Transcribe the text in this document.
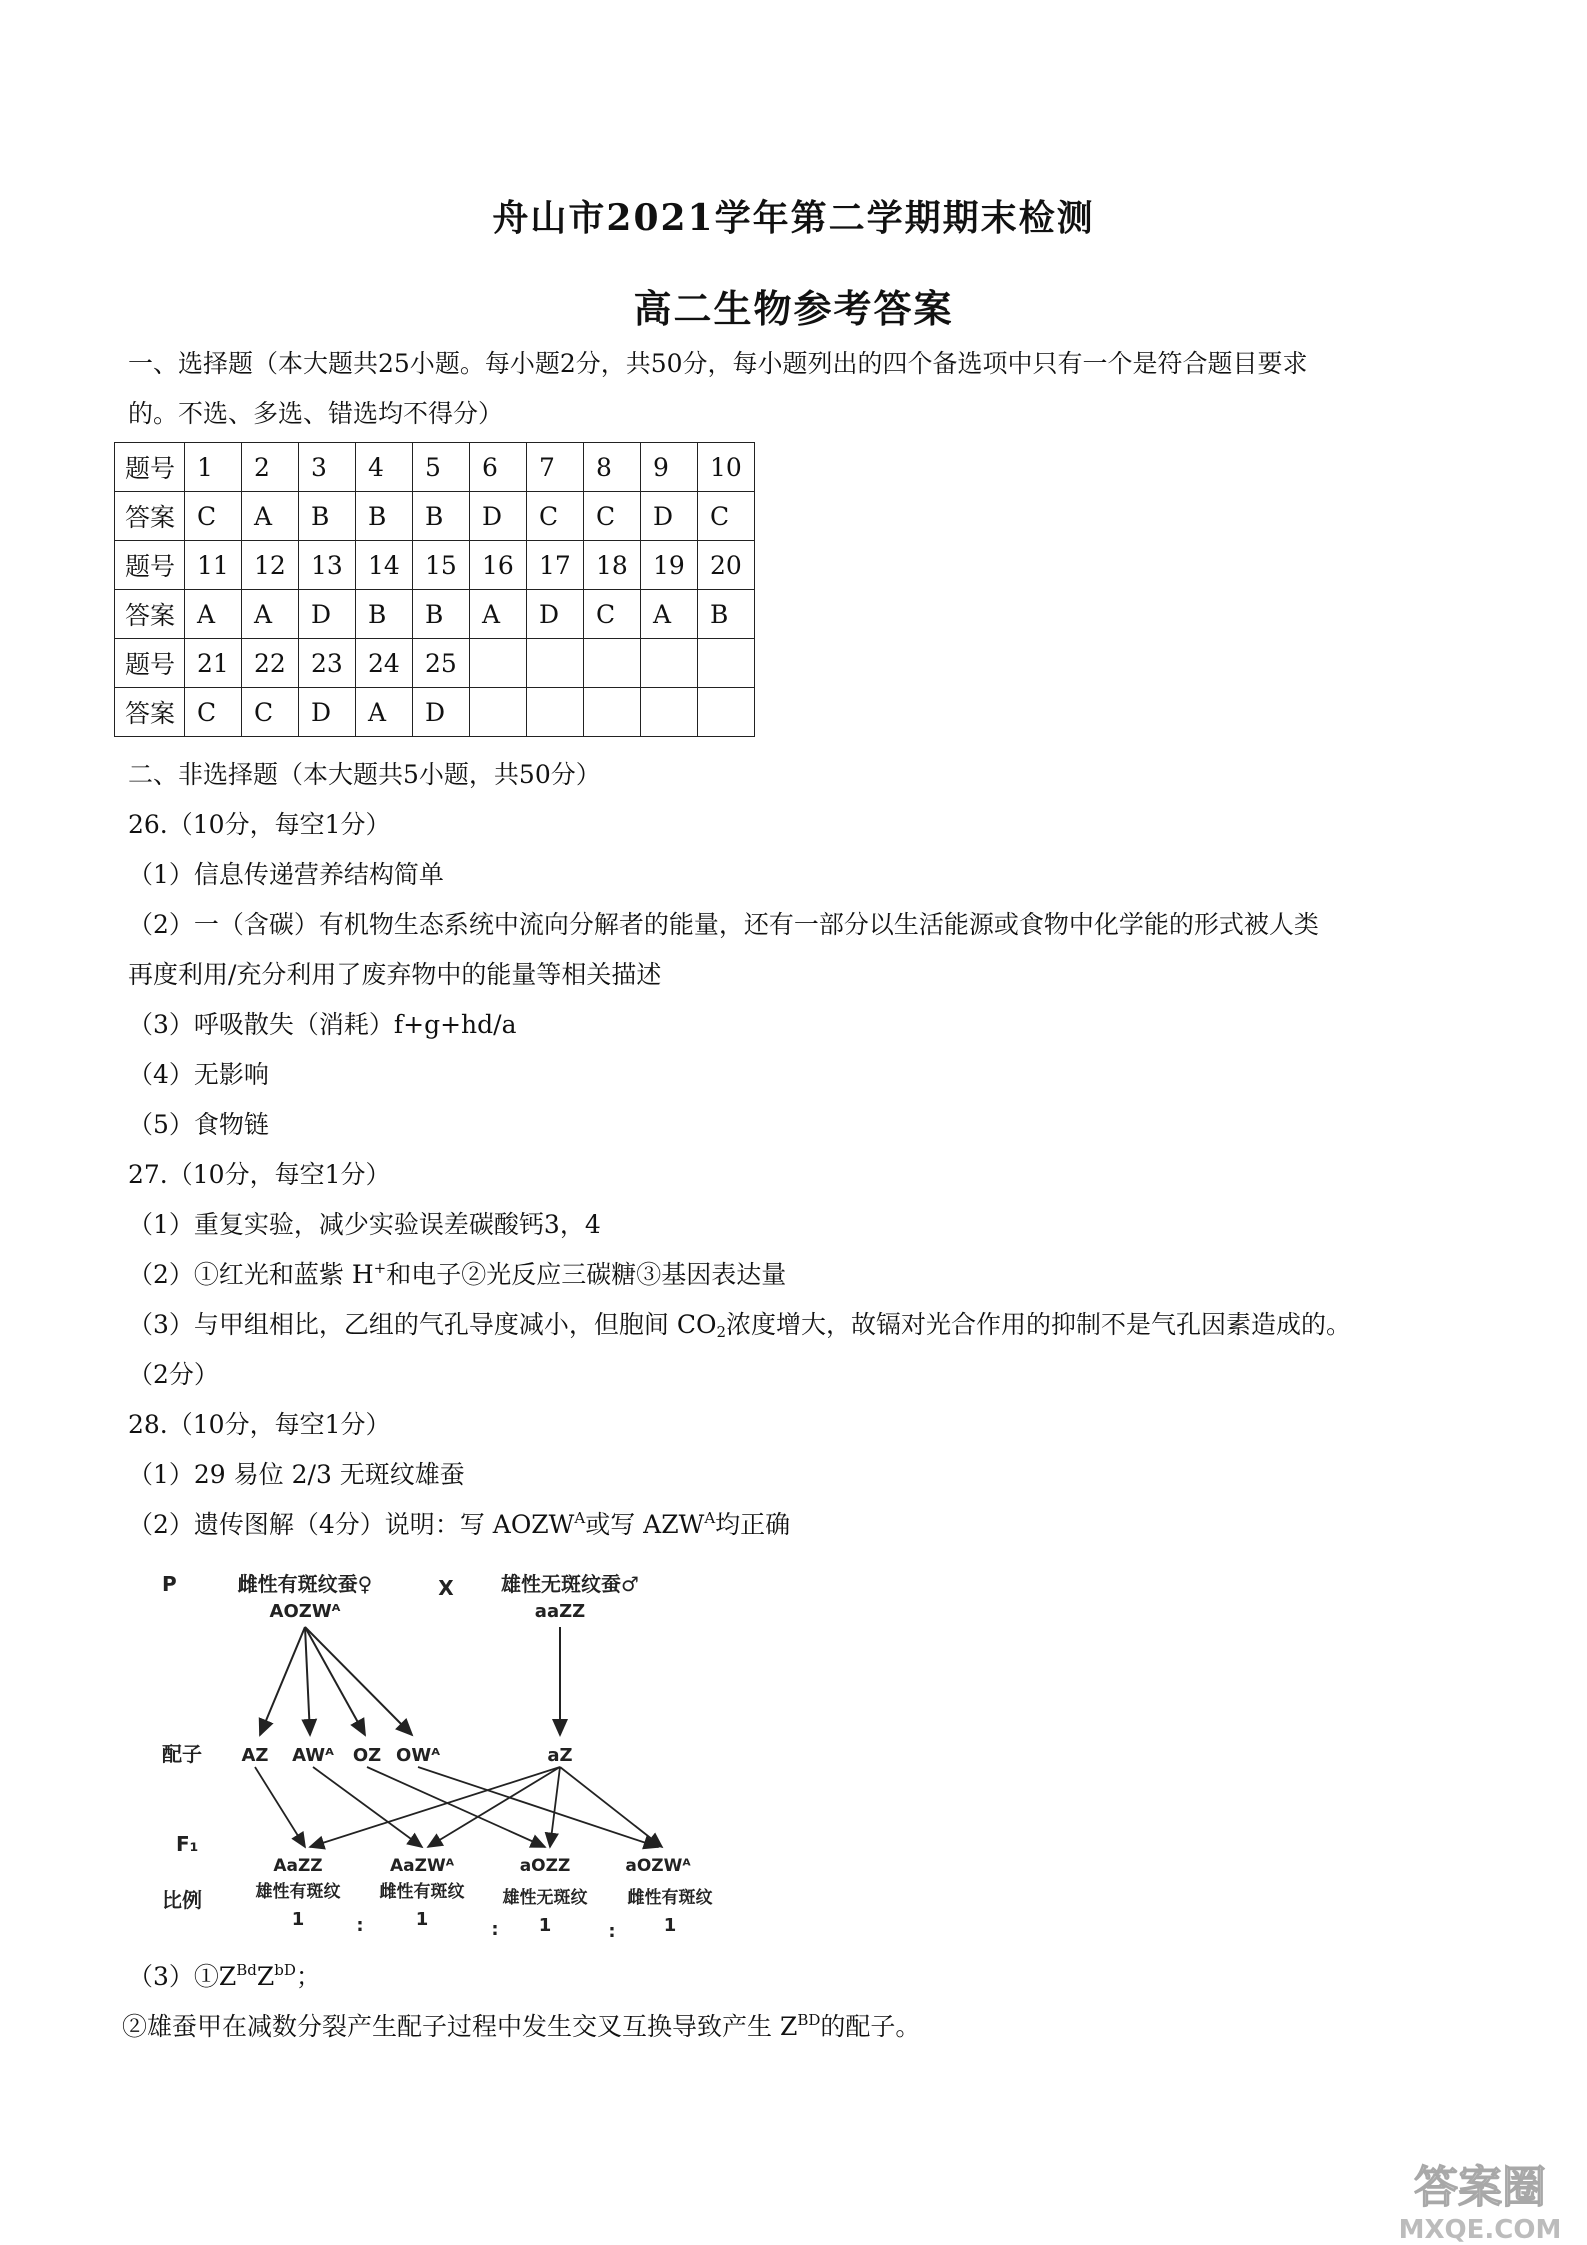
舟山市2021学年第二学期期末检测
高二生物参考答案
一、选择题（本大题共25小题。每小题2分，共50分，每小题列出的四个备选项中只有一个是符合题目要求
的。不选、多选、错选均不得分）
题号	1	2	3	4	5	6	7	8	9	10
答案	C	A	B	B	B	D	C	C	D	C
题号	11	12	13	14	15	16	17	18	19	20
答案	A	A	D	B	B	A	D	C	A	B
题号	21	22	23	24	25					
答案	C	C	D	A	D					
二、非选择题（本大题共5小题，共50分）
26.（10分，每空1分）
（1）信息传递营养结构简单
（2）一（含碳）有机物生态系统中流向分解者的能量，还有一部分以生活能源或食物中化学能的形式被人类
再度利用/充分利用了废弃物中的能量等相关描述
（3）呼吸散失（消耗）f+g+hd/a
（4）无影响
（5）食物链
27.（10分，每空1分）
（1）重复实验，减少实验误差碳酸钙3，4
（2）①红光和蓝紫 H+和电子②光反应三碳糖③基因表达量
（3）与甲组相比，乙组的气孔导度减小，但胞间 $CO_2$浓度增大，故镉对光合作用的抑制不是气孔因素造成的。
（2分）
28.（10分，每空1分）
（1）29 易位 2/3 无斑纹雄蚕
（2）遗传图解（4分）说明：写 $AOZW^A$或写 $AZW^A$均正确
P	雌性有斑纹蚕♀
AOZWᴬ
X 雄性无斑纹蚕♂
aaZZ
配子 AZ AWᴬ OZ OWᴬ	aZ
F₁
AaZZ	AaZWᴬ	aOZZ	aOZWᴬ
比例	雄性有斑纹 雌性有斑纹 雄性无斑纹 雌性有斑纹
1	:	1	: 1	:	1
$(3)①Z^{Bd}Z^{bD}$；
②雄蚕甲在减数分裂产生配子过程中发生交叉互换导致产生 $Z^{BD}$的配子。
答案圈
MXQE.COM
